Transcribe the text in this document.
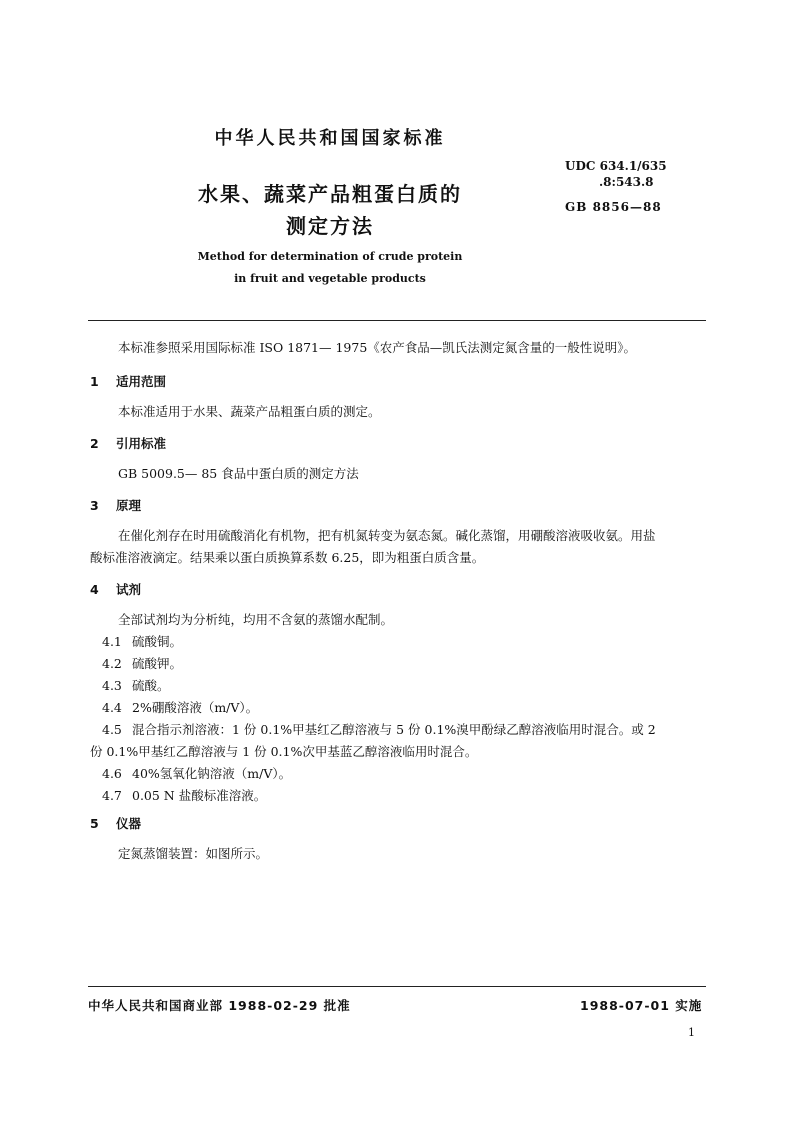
中华人民共和国国家标准
水果、蔬菜产品粗蛋白质的
测定方法
Method for determination of crude protein
in fruit and vegetable products
UDC 634.1/635
.8:543.8
GB 8856—88
本标准参照采用国际标准 ISO 1871— 1975《农产食品—凯氏法测定氮含量的一般性说明》。
1 适用范围
本标准适用于水果、蔬菜产品粗蛋白质的测定。
2 引用标准
GB 5009.5— 85 食品中蛋白质的测定方法
3 原理
在催化剂存在时用硫酸消化有机物，把有机氮转变为氨态氮。碱化蒸馏，用硼酸溶液吸收氨。用盐
酸标准溶液滴定。结果乘以蛋白质换算系数 6.25，即为粗蛋白质含量。
4 试剂
全部试剂均为分析纯，均用不含氨的蒸馏水配制。
4.1 硫酸铜。
4.2 硫酸钾。
4.3 硫酸。
4.4 2%硼酸溶液（m/V）。
4.5 混合指示剂溶液：1 份 0.1%甲基红乙醇溶液与 5 份 0.1%溴甲酚绿乙醇溶液临用时混合。或 2
份 0.1%甲基红乙醇溶液与 1 份 0.1%次甲基蓝乙醇溶液临用时混合。
4.6 40%氢氧化钠溶液（m/V）。
4.7 0.05 N 盐酸标准溶液。
5 仪器
定氮蒸馏装置：如图所示。
中华人民共和国商业部 1988-02-29 批准	1988-07-01 实施
1
